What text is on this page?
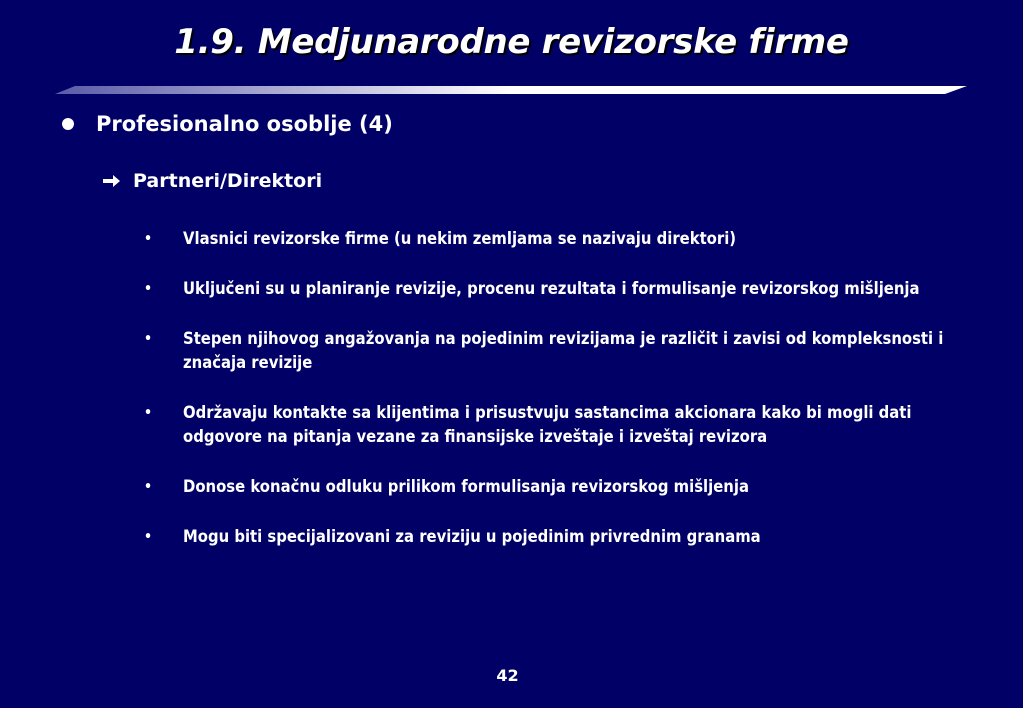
1.9. Medjunarodne revizorske firme
Profesionalno osoblje (4)
Partneri/Direktori
•	Vlasnici revizorske firme (u nekim zemljama se nazivaju direktori)
•	Uključeni su u planiranje revizije, procenu rezultata i formulisanje revizorskog mišljenja
•	Stepen njihovog angažovanja na pojedinim revizijama je različit i zavisi od kompleksnosti i značaja revizije
•	Održavaju kontakte sa klijentima i prisustvuju sastancima akcionara kako bi mogli dati odgovore na pitanja vezane za finansijske izveštaje i izveštaj revizora
•	Donose konačnu odluku prilikom formulisanja revizorskog mišljenja
•	Mogu biti specijalizovani za reviziju u pojedinim privrednim granama
42
